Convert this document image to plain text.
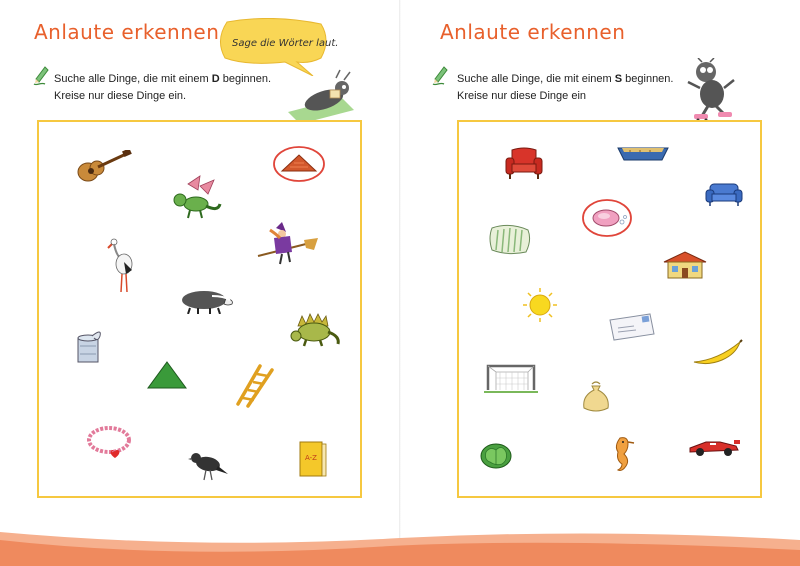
Anlaute erkennen
Suche alle Dinge, die mit einem D beginnen.
Kreise nur diese Dinge ein.
Sage die Wörter laut.
A-Z
Anlaute erkennen
Suche alle Dinge, die mit einem S beginnen.
Kreise nur diese Dinge ein
